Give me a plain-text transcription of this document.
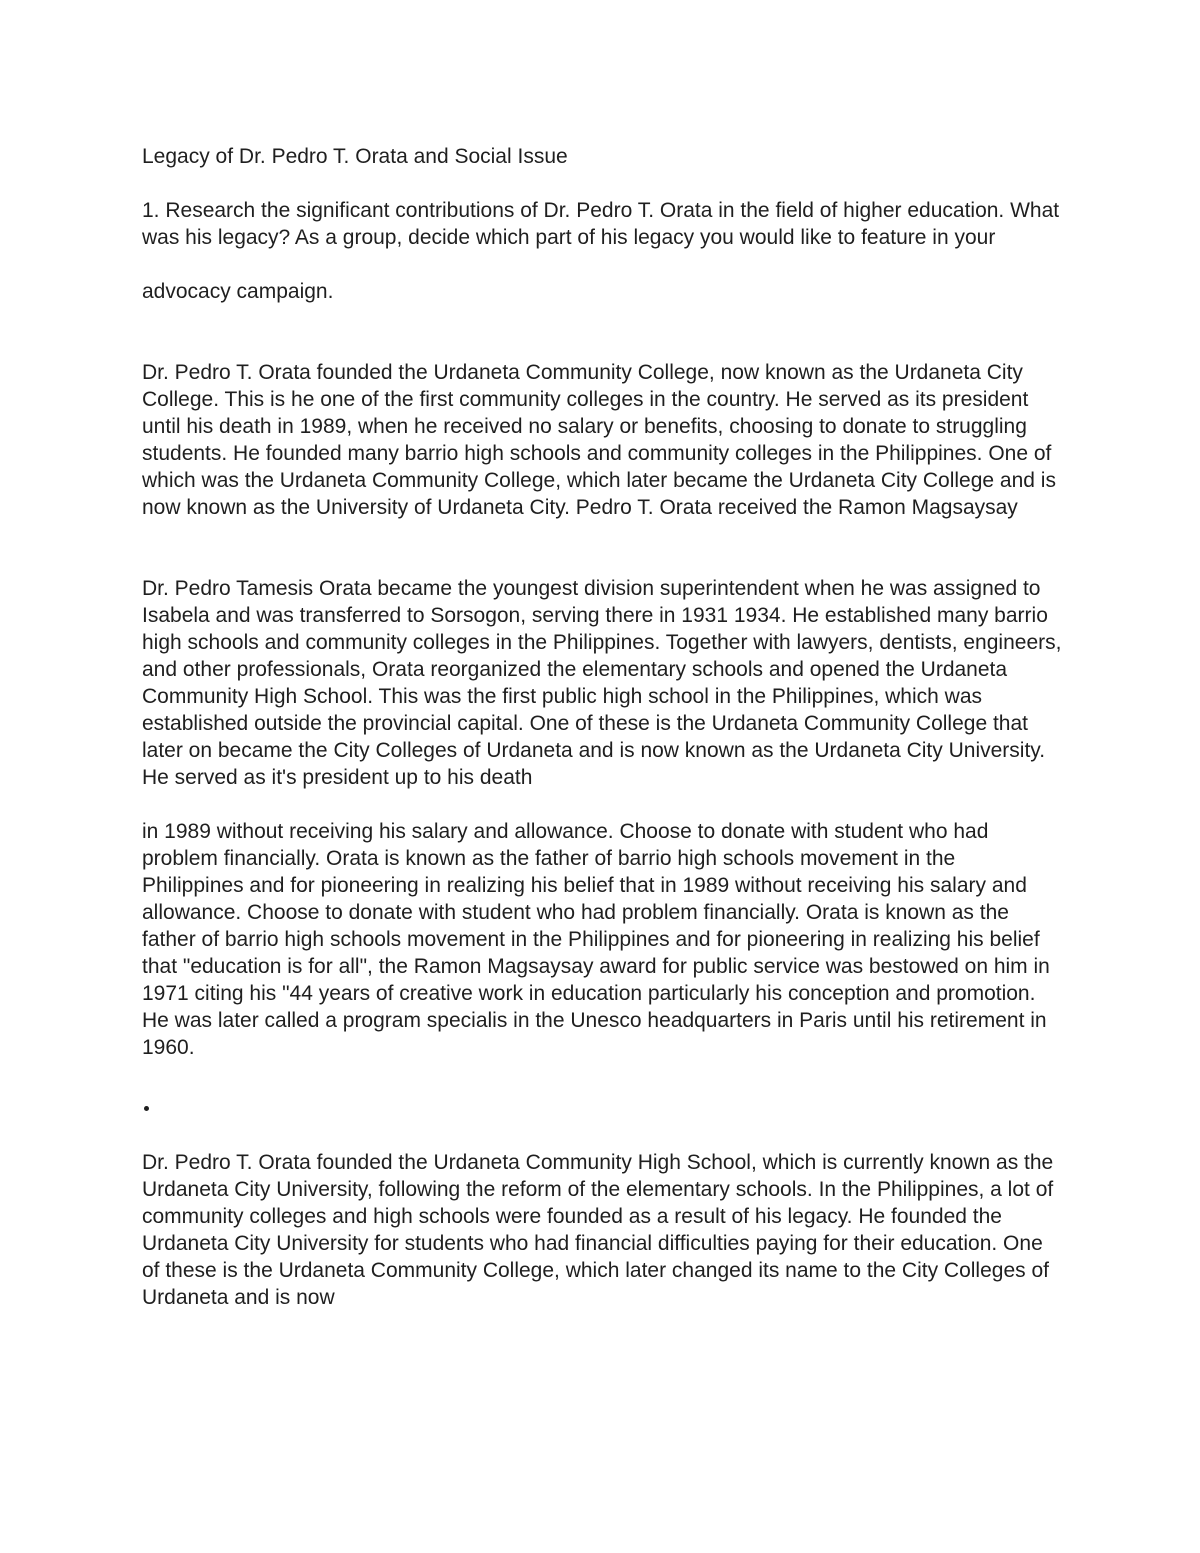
Legacy of Dr. Pedro T. Orata and Social Issue

1. Research the significant contributions of Dr. Pedro T. Orata in the field of higher education. What was his legacy? As a group, decide which part of his legacy you would like to feature in your

advocacy campaign.

Dr. Pedro T. Orata founded the Urdaneta Community College, now known as the Urdaneta City College. This is he one of the first community colleges in the country. He served as its president until his death in 1989, when he received no salary or benefits, choosing to donate to struggling students. He founded many barrio high schools and community colleges in the Philippines. One of which was the Urdaneta Community College, which later became the Urdaneta City College and is now known as the University of Urdaneta City. Pedro T. Orata received the Ramon Magsaysay

Dr. Pedro Tamesis Orata became the youngest division superintendent when he was assigned to Isabela and was transferred to Sorsogon, serving there in 1931 1934. He established many barrio high schools and community colleges in the Philippines. Together with lawyers, dentists, engineers, and other professionals, Orata reorganized the elementary schools and opened the Urdaneta Community High School. This was the first public high school in the Philippines, which was established outside the provincial capital. One of these is the Urdaneta Community College that later on became the City Colleges of Urdaneta and is now known as the Urdaneta City University. He served as it's president up to his death

in 1989 without receiving his salary and allowance. Choose to donate with student who had problem financially. Orata is known as the father of barrio high schools movement in the Philippines and for pioneering in realizing his belief that in 1989 without receiving his salary and allowance. Choose to donate with student who had problem financially. Orata is known as the father of barrio high schools movement in the Philippines and for pioneering in realizing his belief that "education is for all", the Ramon Magsaysay award for public service was bestowed on him in 1971 citing his "44 years of creative work in education particularly his conception and promotion. He was later called a program specialis in the Unesco headquarters in Paris until his retirement in 1960.

Dr. Pedro T. Orata founded the Urdaneta Community High School, which is currently known as the Urdaneta City University, following the reform of the elementary schools. In the Philippines, a lot of community colleges and high schools were founded as a result of his legacy. He founded the Urdaneta City University for students who had financial difficulties paying for their education. One of these is the Urdaneta Community College, which later changed its name to the City Colleges of Urdaneta and is now
